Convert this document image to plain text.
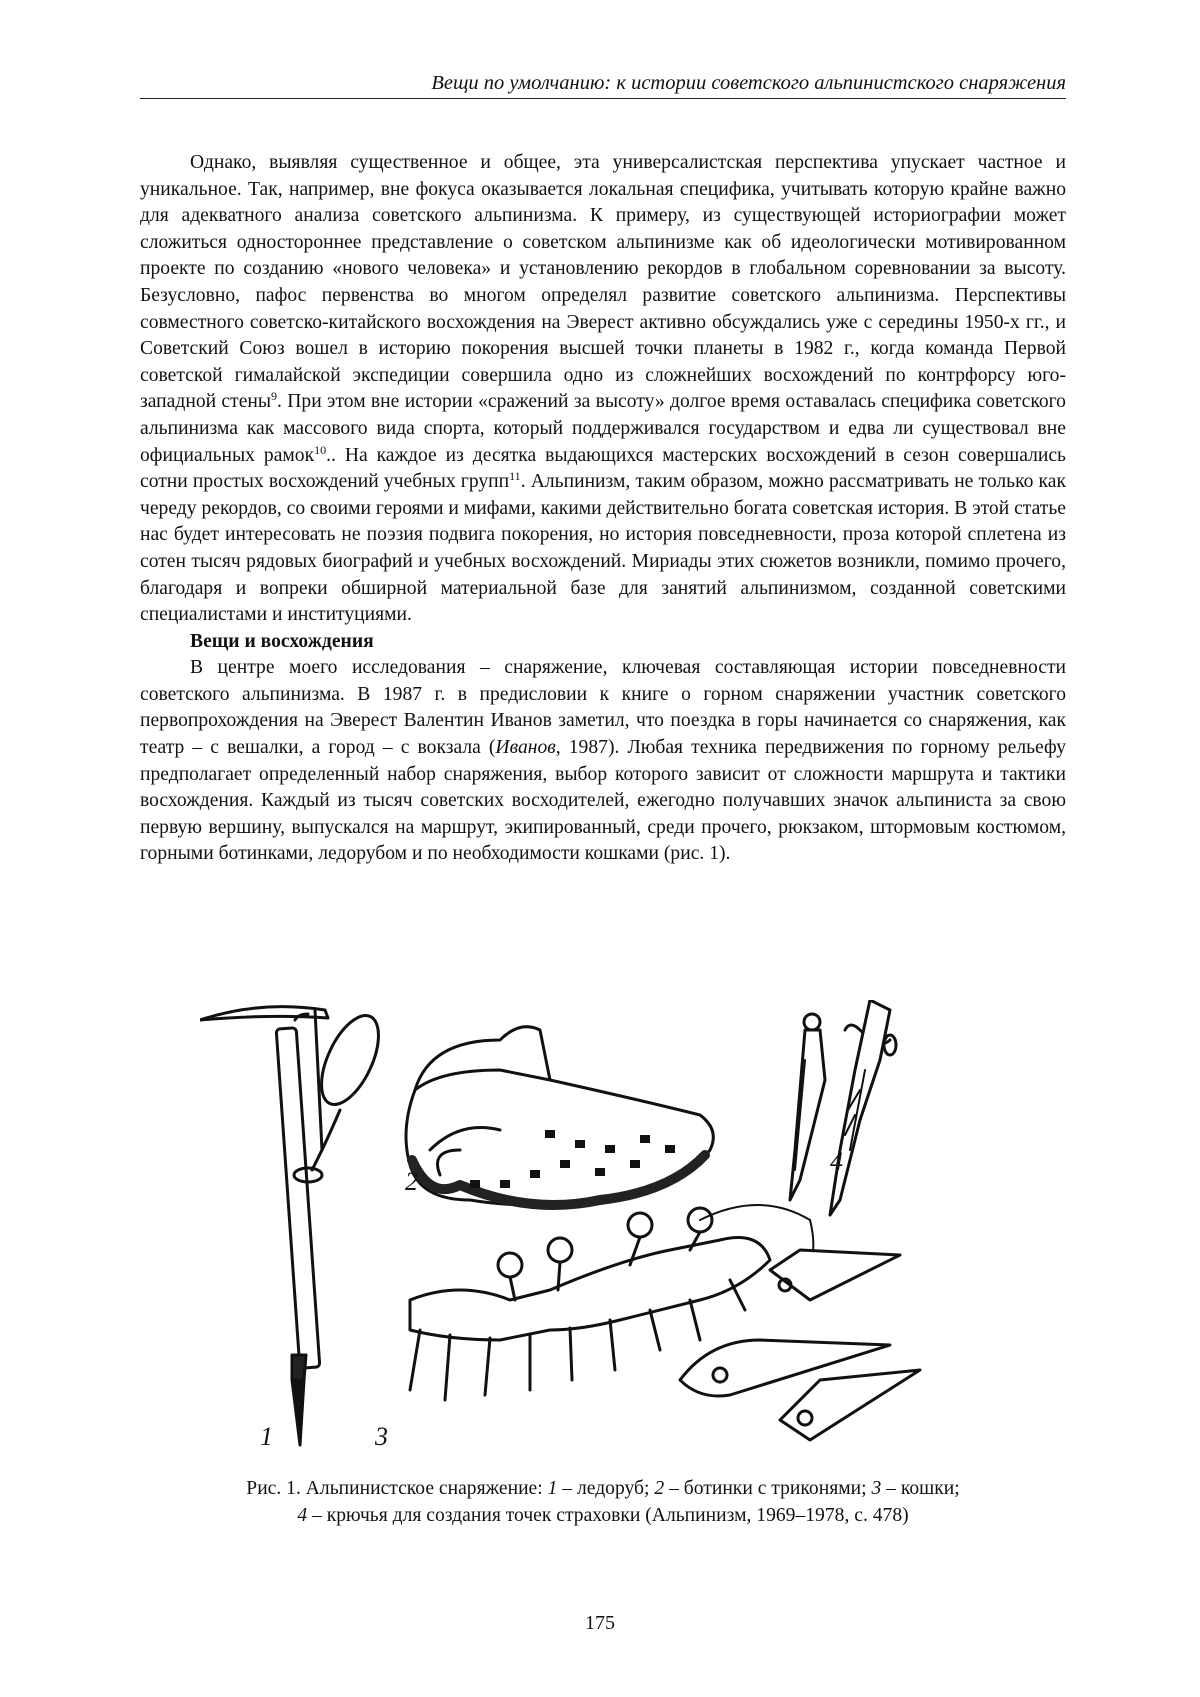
Вещи по умолчанию: к истории советского альпинистского снаряжения

Однако, выявляя существенное и общее, эта универсалистская перспектива упускает частное и уникальное. Так, например, вне фокуса оказывается локальная специфика, учитывать которую крайне важно для адекватного анализа советского альпинизма. К примеру, из существующей историографии может сложиться одностороннее представление о советском альпинизме как об идеологически мотивированном проекте по созданию «нового человека» и установлению рекордов в глобальном соревновании за высоту. Безусловно, пафос первенства во многом определял развитие советского альпинизма. Перспективы совместного советско-китайского восхождения на Эверест активно обсуждались уже с середины 1950-х гг., и Советский Союз вошел в историю покорения высшей точки планеты в 1982 г., когда команда Первой советской гималайской экспедиции совершила одно из сложнейших восхождений по контрфорсу юго-западной стены$^9$. При этом вне истории «сражений за высоту» долгое время оставалась специфика советского альпинизма как массового вида спорта, который поддерживался государством и едва ли существовал вне официальных рамок$^{10}$.. На каждое из десятка выдающихся мастерских восхождений в сезон совершались сотни простых восхождений учебных групп$^{11}$. Альпинизм, таким образом, можно рассматривать не только как череду рекордов, со своими героями и мифами, какими действительно богата советская история. В этой статье нас будет интересовать не поэзия подвига покорения, но история повседневности, проза которой сплетена из сотен тысяч рядовых биографий и учебных восхождений. Мириады этих сюжетов возникли, помимо прочего, благодаря и вопреки обширной материальной базе для занятий альпинизмом, созданной советскими специалистами и институциями.

Вещи и восхождения

В центре моего исследования – снаряжение, ключевая составляющая истории повседневности советского альпинизма. В 1987 г. в предисловии к книге о горном снаряжении участник советского первопрохождения на Эверест Валентин Иванов заметил, что поездка в горы начинается со снаряжения, как театр – с вешалки, а город – с вокзала (Иванов, 1987). Любая техника передвижения по горному рельефу предполагает определенный набор снаряжения, выбор которого зависит от сложности маршрута и тактики восхождения. Каждый из тысяч советских восходителей, ежегодно получавших значок альпиниста за свою первую вершину, выпускался на маршрут, экипированный, среди прочего, рюкзаком, штормовым костюмом, горными ботинками, ледорубом и по необходимости кошками (рис. 1).

1
2
3
4
Рис. 1. Альпинистское снаряжение: 1 – ледоруб; 2 – ботинки с триконями; 3 – кошки;
4 – крючья для создания точек страховки (Альпинизм, 1969–1978, с. 478)
175
